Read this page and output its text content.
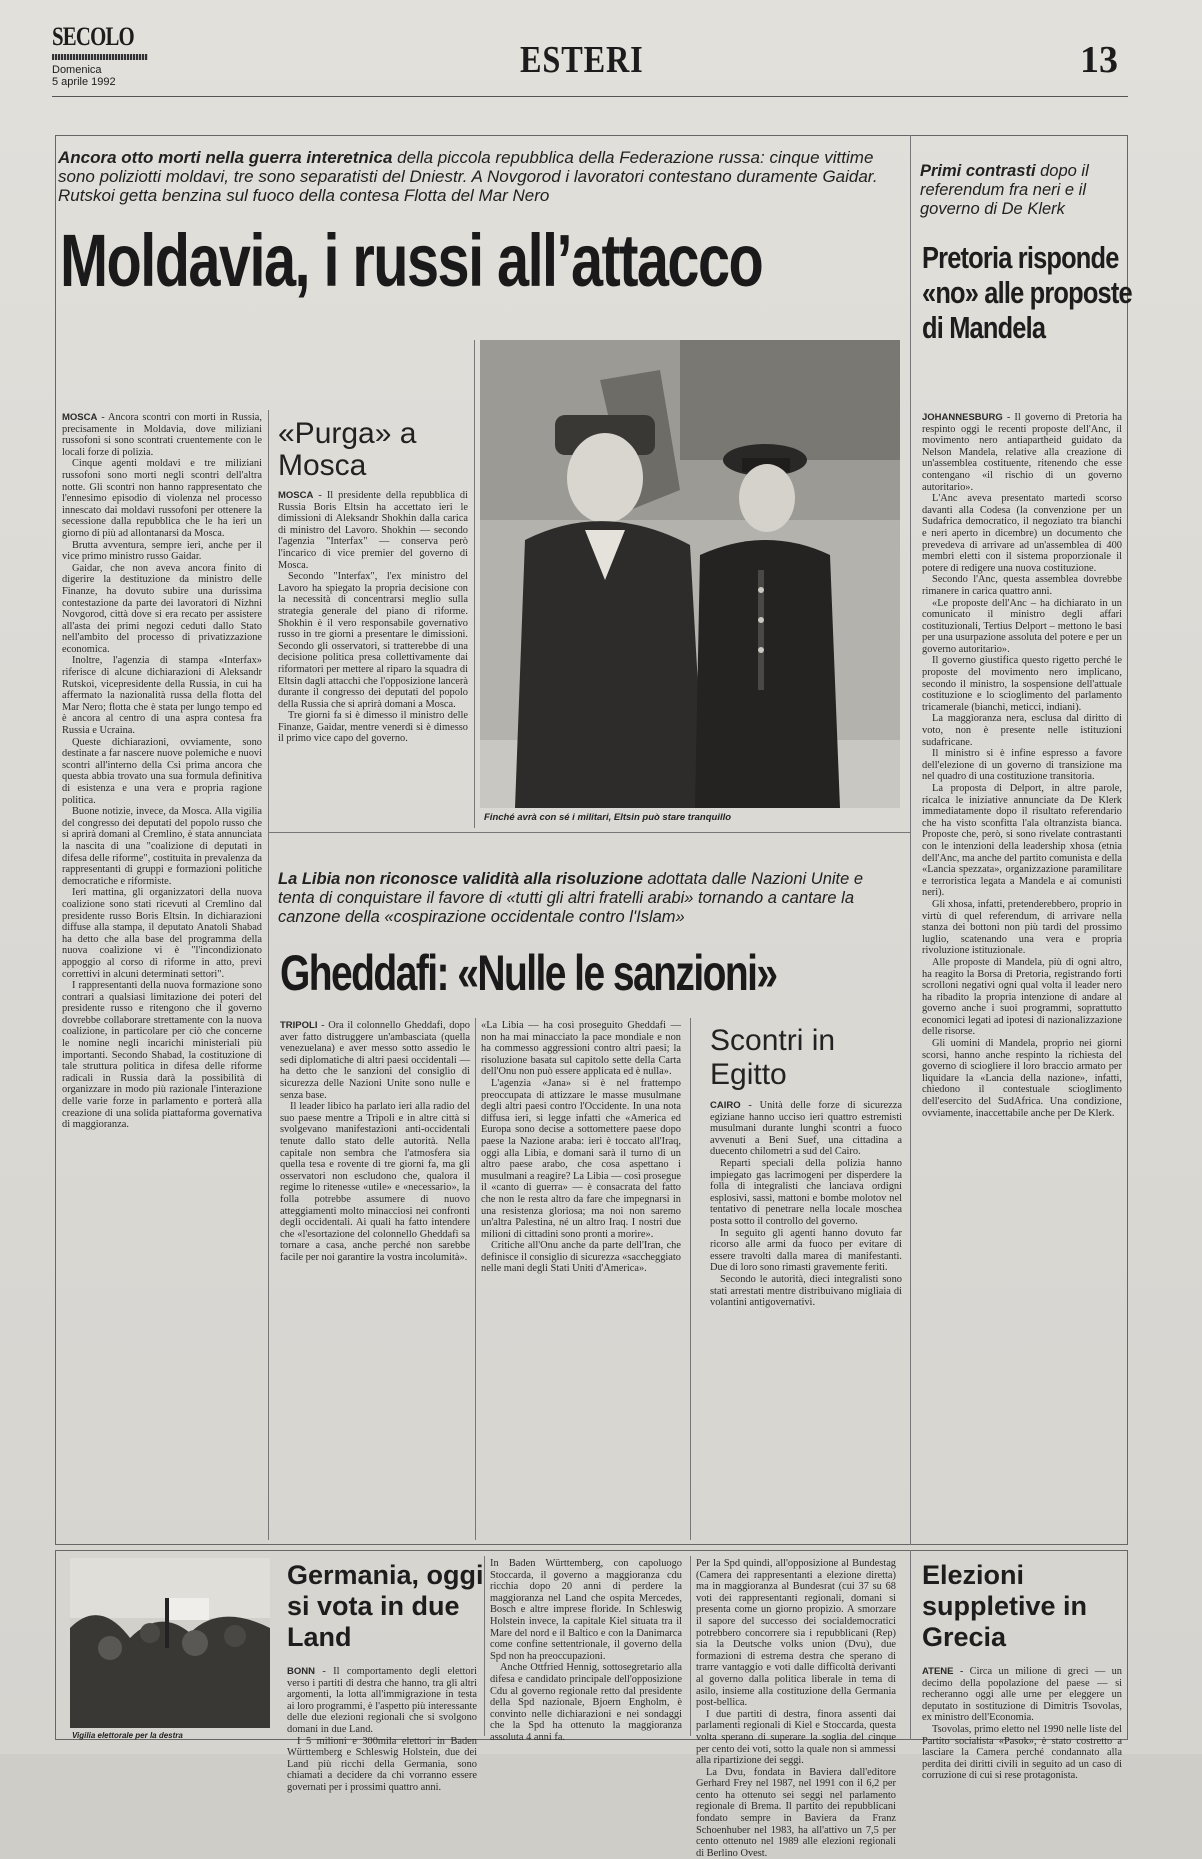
SECOLO
Domenica
5 aprile 1992
ESTERI	13
Ancora otto morti nella guerra interetnica della piccola repubblica della Federazione russa: cinque vittime sono poliziotti moldavi, tre sono separatisti del Dniestr. A Novgorod i lavoratori contestano duramente Gaidar. Rutskoi getta benzina sul fuoco della contesa Flotta del Mar Nero
Moldavia, i russi all’attacco

MOSCA - Ancora scontri con morti in Russia, precisamente in Moldavia, dove miliziani russofoni si sono scontrati cruentemente con le locali forze di polizia.

Cinque agenti moldavi e tre miliziani russofoni sono morti negli scontri dell'altra notte. Gli scontri non hanno rappresentato che l'ennesimo episodio di violenza nel processo innescato dai moldavi russofoni per ottenere la secessione dalla repubblica che le ha ieri un giorno di più ad allontanarsi da Mosca.

Brutta avventura, sempre ieri, anche per il vice primo ministro russo Gaidar.

Gaidar, che non aveva ancora finito di digerire la destituzione da ministro delle Finanze, ha dovuto subire una durissima contestazione da parte dei lavoratori di Nizhni Novgorod, città dove si era recato per assistere all'asta dei primi negozi ceduti dallo Stato nell'ambito del processo di privatizzazione economica.

Inoltre, l'agenzia di stampa «Interfax» riferisce di alcune dichiarazioni di Aleksandr Rutskoi, vicepresidente della Russia, in cui ha affermato la nazionalità russa della flotta del Mar Nero; flotta che è stata per lungo tempo ed è ancora al centro di una aspra contesa fra Russia e Ucraina.

Queste dichiarazioni, ovviamente, sono destinate a far nascere nuove polemiche e nuovi scontri all'interno della Csi prima ancora che questa abbia trovato una sua formula definitiva di esistenza e una vera e propria ragione politica.

Buone notizie, invece, da Mosca. Alla vigilia del congresso dei deputati del popolo russo che si aprirà domani al Cremlino, è stata annunciata la nascita di una "coalizione di deputati in difesa delle riforme", costituita in prevalenza da rappresentanti di gruppi e formazioni politiche democratiche e riformiste.

Ieri mattina, gli organizzatori della nuova coalizione sono stati ricevuti al Cremlino dal presidente russo Boris Eltsin. In dichiarazioni diffuse alla stampa, il deputato Anatoli Shabad ha detto che alla base del programma della nuova coalizione vi è "l'incondizionato appoggio al corso di riforme in atto, previ correttivi in alcuni determinati settori".

I rappresentanti della nuova formazione sono contrari a qualsiasi limitazione dei poteri del presidente russo e ritengono che il governo dovrebbe collaborare strettamente con la nuova coalizione, in particolare per ciò che concerne le nomine negli incarichi ministeriali più importanti. Secondo Shabad, la costituzione di tale struttura politica in difesa delle riforme radicali in Russia darà la possibilità di organizzare in modo più razionale l'interazione delle varie forze in parlamento e porterà alla creazione di una solida piattaforma governativa di maggioranza.

«Purga» a Mosca

MOSCA - Il presidente della repubblica di Russia Boris Eltsin ha accettato ieri le dimissioni di Aleksandr Shokhin dalla carica di ministro del Lavoro. Shokhin — secondo l'agenzia "Interfax" — conserva però l'incarico di vice premier del governo di Mosca.

Secondo "Interfax", l'ex ministro del Lavoro ha spiegato la propria decisione con la necessità di concentrarsi meglio sulla strategia generale del piano di riforme. Shokhin è il vero responsabile governativo russo in tre giorni a presentare le dimissioni. Secondo gli osservatori, si tratterebbe di una decisione politica presa collettivamente dai riformatori per mettere al riparo la squadra di Eltsin dagli attacchi che l'opposizione lancerà durante il congresso dei deputati del popolo della Russia che si aprirà domani a Mosca.

Tre giorni fa si è dimesso il ministro delle Finanze, Gaidar, mentre venerdì si è dimesso il primo vice capo del governo.

Finché avrà con sé i militari, Eltsin può stare tranquillo
La Libia non riconosce validità alla risoluzione adottata dalle Nazioni Unite e tenta di conquistare il favore di «tutti gli altri fratelli arabi» tornando a cantare la canzone della «cospirazione occidentale contro l'Islam»
Gheddafi: «Nulle le sanzioni»

TRIPOLI - Ora il colonnello Gheddafi, dopo aver fatto distruggere un'ambasciata (quella venezuelana) e aver messo sotto assedio le sedi diplomatiche di altri paesi occidentali — ha detto che le sanzioni del consiglio di sicurezza delle Nazioni Unite sono nulle e senza base.

Il leader libico ha parlato ieri alla radio del suo paese mentre a Tripoli e in altre città si svolgevano manifestazioni anti-occidentali tenute dallo stato delle autorità. Nella capitale non sembra che l'atmosfera sia quella tesa e rovente di tre giorni fa, ma gli osservatori non escludono che, qualora il regime lo ritenesse «utile» e «necessario», la folla potrebbe assumere di nuovo atteggiamenti molto minacciosi nei confronti degli occidentali. Ai quali ha fatto intendere che «l'esortazione del colonnello Gheddafi sa tornare a casa, anche perché non sarebbe facile per noi garantire la vostra incolumità».

«La Libia — ha così proseguito Gheddafi — non ha mai minacciato la pace mondiale e non ha commesso aggressioni contro altri paesi; la risoluzione basata sul capitolo sette della Carta dell'Onu non può essere applicata ed è nulla».

L'agenzia «Jana» si è nel frattempo preoccupata di attizzare le masse musulmane degli altri paesi contro l'Occidente. In una nota diffusa ieri, si legge infatti che «America ed Europa sono decise a sottomettere paese dopo paese la Nazione araba: ieri è toccato all'Iraq, oggi alla Libia, e domani sarà il turno di un altro paese arabo, che cosa aspettano i musulmani a reagire? La Libia — così prosegue il «canto di guerra» — è consacrata del fatto che non le resta altro da fare che impegnarsi in una resistenza gloriosa; ma noi non saremo un'altra Palestina, né un altro Iraq. I nostri due milioni di cittadini sono pronti a morire».

Critiche all'Onu anche da parte dell'Iran, che definisce il consiglio di sicurezza «saccheggiato nelle mani degli Stati Uniti d'America».

Scontri in Egitto

CAIRO - Unità delle forze di sicurezza egiziane hanno ucciso ieri quattro estremisti musulmani durante lunghi scontri a fuoco avvenuti a Beni Suef, una cittadina a duecento chilometri a sud del Cairo.

Reparti speciali della polizia hanno impiegato gas lacrimogeni per disperdere la folla di integralisti che lanciava ordigni esplosivi, sassi, mattoni e bombe molotov nel tentativo di penetrare nella locale moschea posta sotto il controllo del governo.

In seguito gli agenti hanno dovuto far ricorso alle armi da fuoco per evitare di essere travolti dalla marea di manifestanti. Due di loro sono rimasti gravemente feriti.

Secondo le autorità, dieci integralisti sono stati arrestati mentre distribuivano migliaia di volantini antigovernativi.

Primi contrasti dopo il referendum fra neri e il governo di De Klerk
Pretoria risponde «no» alle proposte di Mandela

JOHANNESBURG - Il governo di Pretoria ha respinto oggi le recenti proposte dell'Anc, il movimento nero antiapartheid guidato da Nelson Mandela, relative alla creazione di un'assemblea costituente, ritenendo che esse contengano «il rischio di un governo autoritario».

L'Anc aveva presentato martedì scorso davanti alla Codesa (la convenzione per un Sudafrica democratico, il negoziato tra bianchi e neri aperto in dicembre) un documento che prevedeva di arrivare ad un'assemblea di 400 membri eletti con il sistema proporzionale il potere di redigere una nuova costituzione.

Secondo l'Anc, questa assemblea dovrebbe rimanere in carica quattro anni.

«Le proposte dell'Anc – ha dichiarato in un comunicato il ministro degli affari costituzionali, Tertius Delport – mettono le basi per una usurpazione assoluta del potere e per un governo autoritario».

Il governo giustifica questo rigetto perché le proposte del movimento nero implicano, secondo il ministro, la sospensione dell'attuale costituzione e lo scioglimento del parlamento tricamerale (bianchi, meticci, indiani).

La maggioranza nera, esclusa dal diritto di voto, non è presente nelle istituzioni sudafricane.

Il ministro si è infine espresso a favore dell'elezione di un governo di transizione ma nel quadro di una costituzione transitoria.

La proposta di Delport, in altre parole, ricalca le iniziative annunciate da De Klerk immediatamente dopo il risultato referendario che ha visto sconfitta l'ala oltranzista bianca. Proposte che, però, si sono rivelate contrastanti con le intenzioni della leadership xhosa (etnia dell'Anc, ma anche del partito comunista e della «Lancia spezzata», organizzazione paramilitare e terroristica legata a Mandela e ai comunisti neri).

Gli xhosa, infatti, pretenderebbero, proprio in virtù di quel referendum, di arrivare nella stanza dei bottoni non più tardi del prossimo luglio, scatenando una vera e propria rivoluzione istituzionale.

Alle proposte di Mandela, più di ogni altro, ha reagito la Borsa di Pretoria, registrando forti scrolloni negativi ogni qual volta il leader nero ha ribadito la propria intenzione di andare al governo anche i suoi programmi, soprattutto economici legati ad ipotesi di nazionalizzazione delle risorse.

Gli uomini di Mandela, proprio nei giorni scorsi, hanno anche respinto la richiesta del governo di sciogliere il loro braccio armato per liquidare la «Lancia della nazione», infatti, chiedono il contestuale scioglimento dell'esercito del SudAfrica. Una condizione, ovviamente, inaccettabile anche per De Klerk.

Vigilia elettorale per la destra
Germania, oggi si vota in due Land

BONN - Il comportamento degli elettori verso i partiti di destra che hanno, tra gli altri argomenti, la lotta all'immigrazione in testa ai loro programmi, è l'aspetto più interessante delle due elezioni regionali che si svolgono domani in due Land.

I 5 milioni e 300mila elettori in Baden Württemberg e Schleswig Holstein, due dei Land più ricchi della Germania, sono chiamati a decidere da chi vorranno essere governati per i prossimi quattro anni.

In Baden Württemberg, con capoluogo Stoccarda, il governo a maggioranza cdu ricchia dopo 20 anni di perdere la maggioranza nel Land che ospita Mercedes, Bosch e altre imprese floride. In Schleswig Holstein invece, la capitale Kiel situata tra il Mare del nord e il Baltico e con la Danimarca come confine settentrionale, il governo della Spd non ha preoccupazioni.

Anche Ottfried Hennig, sottosegretario alla difesa e candidato principale dell'opposizione Cdu al governo regionale retto dal presidente della Spd nazionale, Bjoern Engholm, è convinto nelle dichiarazioni e nei sondaggi che la Spd ha ottenuto la maggioranza assoluta 4 anni fa.

Per la Spd quindi, all'opposizione al Bundestag (Camera dei rappresentanti a elezione diretta) ma in maggioranza al Bundesrat (cui 37 su 68 voti dei rappresentanti regionali, domani si presenta come un giorno propizio. A smorzare il sapore del successo dei socialdemocratici potrebbero concorrere sia i repubblicani (Rep) sia la Deutsche volks union (Dvu), due formazioni di estrema destra che sperano di trarre vantaggio e voti dalle difficoltà derivanti al governo dalla politica liberale in tema di asilo, insieme alla costituzione della Germania post-bellica.

I due partiti di destra, finora assenti dai parlamenti regionali di Kiel e Stoccarda, questa volta sperano di superare la soglia del cinque per cento dei voti, sotto la quale non si ammessi alla ripartizione dei seggi.

La Dvu, fondata in Baviera dall'editore Gerhard Frey nel 1987, nel 1991 con il 6,2 per cento ha ottenuto sei seggi nel parlamento regionale di Brema. Il partito dei repubblicani fondato sempre in Baviera da Franz Schoenhuber nel 1983, ha all'attivo un 7,5 per cento ottenuto nel 1989 alle elezioni regionali di Berlino Ovest.

Elezioni suppletive in Grecia

ATENE - Circa un milione di greci — un decimo della popolazione del paese — si recheranno oggi alle urne per eleggere un deputato in sostituzione di Dimitris Tsovolas, ex ministro dell'Economia.

Tsovolas, primo eletto nel 1990 nelle liste del Partito socialista «Pasok», è stato costretto a lasciare la Camera perché condannato alla perdita dei diritti civili in seguito ad un caso di corruzione di cui si rese protagonista.
